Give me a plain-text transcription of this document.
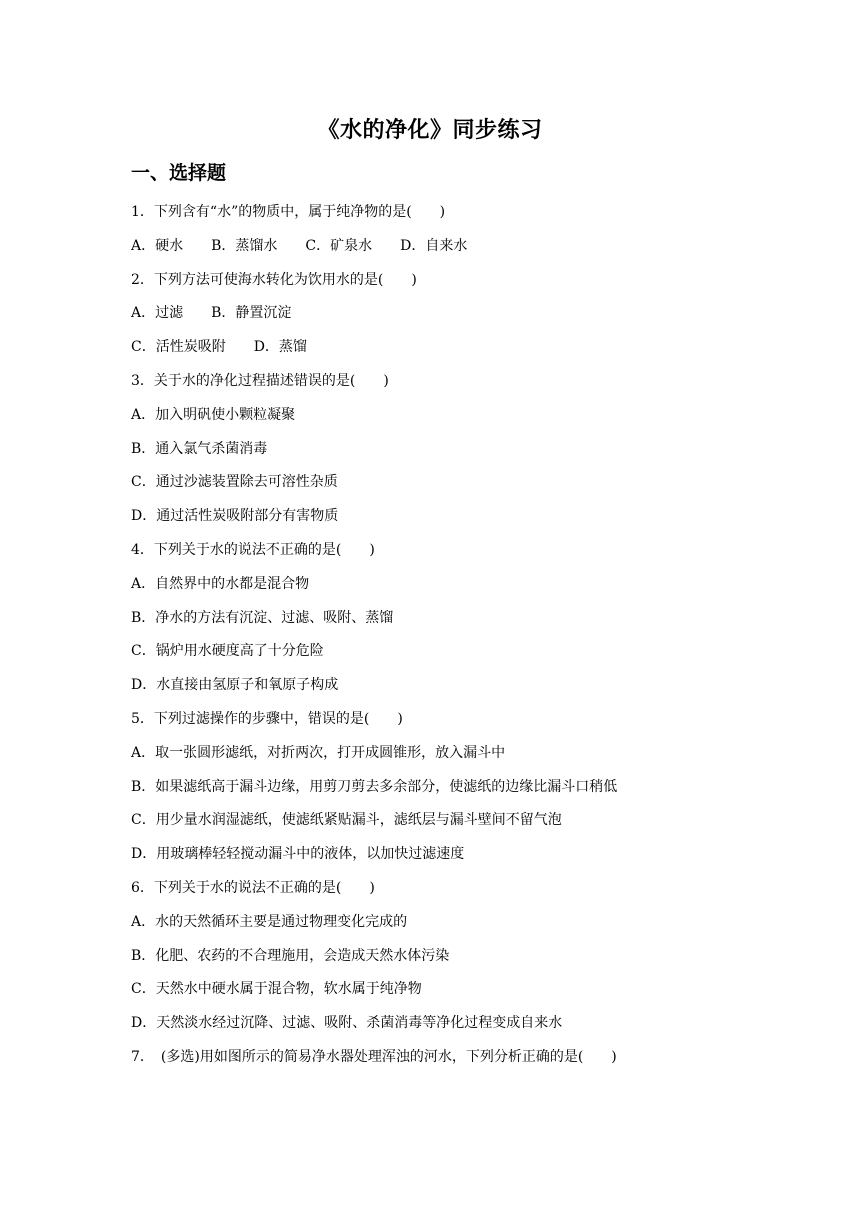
《水的净化》同步练习
一、选择题
1．下列含有“水”的物质中，属于纯净物的是(　　)
A．硬水　　B．蒸馏水　　C．矿泉水　　D．自来水
2．下列方法可使海水转化为饮用水的是(　　)
A．过滤　　B．静置沉淀
C．活性炭吸附　　D．蒸馏
3．关于水的净化过程描述错误的是(　　)
A．加入明矾使小颗粒凝聚
B．通入氯气杀菌消毒
C．通过沙滤装置除去可溶性杂质
D．通过活性炭吸附部分有害物质
4．下列关于水的说法不正确的是(　　)
A．自然界中的水都是混合物
B．净水的方法有沉淀、过滤、吸附、蒸馏
C．锅炉用水硬度高了十分危险
D．水直接由氢原子和氧原子构成
5．下列过滤操作的步骤中，错误的是(　　)
A．取一张圆形滤纸，对折两次，打开成圆锥形，放入漏斗中
B．如果滤纸高于漏斗边缘，用剪刀剪去多余部分，使滤纸的边缘比漏斗口稍低
C．用少量水润湿滤纸，使滤纸紧贴漏斗，滤纸层与漏斗壁间不留气泡
D．用玻璃棒轻轻搅动漏斗中的液体，以加快过滤速度
6．下列关于水的说法不正确的是(　　)
A．水的天然循环主要是通过物理变化完成的
B．化肥、农药的不合理施用，会造成天然水体污染
C．天然水中硬水属于混合物，软水属于纯净物
D．天然淡水经过沉降、过滤、吸附、杀菌消毒等净化过程变成自来水
7．　(多选)用如图所示的简易净水器处理浑浊的河水，下列分析正确的是(　　)
